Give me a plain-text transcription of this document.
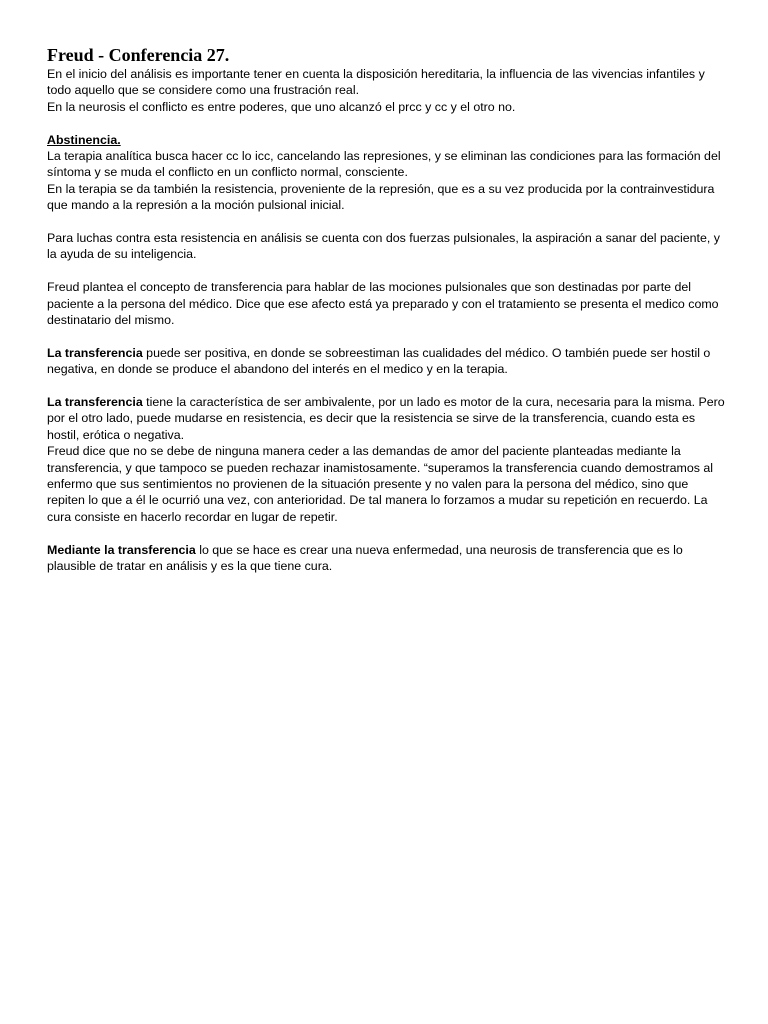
Freud - Conferencia 27.

En el inicio del análisis es importante tener en cuenta la disposición hereditaria, la influencia de las vivencias infantiles y todo aquello que se considere como una frustración real.

En la neurosis el conflicto es entre poderes, que uno alcanzó el prcc y cc y el otro no.

Abstinencia.

La terapia analítica busca hacer cc lo icc, cancelando las represiones, y se eliminan las condiciones para las formación del síntoma y se muda el conflicto en un conflicto normal, consciente.

En la terapia se da también la resistencia, proveniente de la represión, que es a su vez producida por la contrainvestidura que mando a la represión a la moción pulsional inicial.

Para luchas contra esta resistencia en análisis se cuenta con dos fuerzas pulsionales, la aspiración a sanar del paciente, y la ayuda de su inteligencia.

Freud plantea el concepto de transferencia para hablar de las mociones pulsionales que son destinadas por parte del paciente a la persona del médico. Dice que ese afecto está ya preparado y con el tratamiento se presenta el medico como destinatario del mismo.

La transferencia puede ser positiva, en donde se sobreestiman las cualidades del médico. O también puede ser hostil o negativa, en donde se produce el abandono del interés en el medico y en la terapia.

La transferencia tiene la característica de ser ambivalente, por un lado es motor de la cura, necesaria para la misma. Pero por el otro lado, puede mudarse en resistencia, es decir que la resistencia se sirve de la transferencia, cuando esta es hostil, erótica o negativa.

Freud dice que no se debe de ninguna manera ceder a las demandas de amor del paciente planteadas mediante la transferencia, y que tampoco se pueden rechazar inamistosamente. “superamos la transferencia cuando demostramos al enfermo que sus sentimientos no provienen de la situación presente y no valen para la persona del médico, sino que repiten lo que a él le ocurrió una vez, con anterioridad. De tal manera lo forzamos a mudar su repetición en recuerdo. La cura consiste en hacerlo recordar en lugar de repetir.

Mediante la transferencia lo que se hace es crear una nueva enfermedad, una neurosis de transferencia que es lo plausible de tratar en análisis y es la que tiene cura.
